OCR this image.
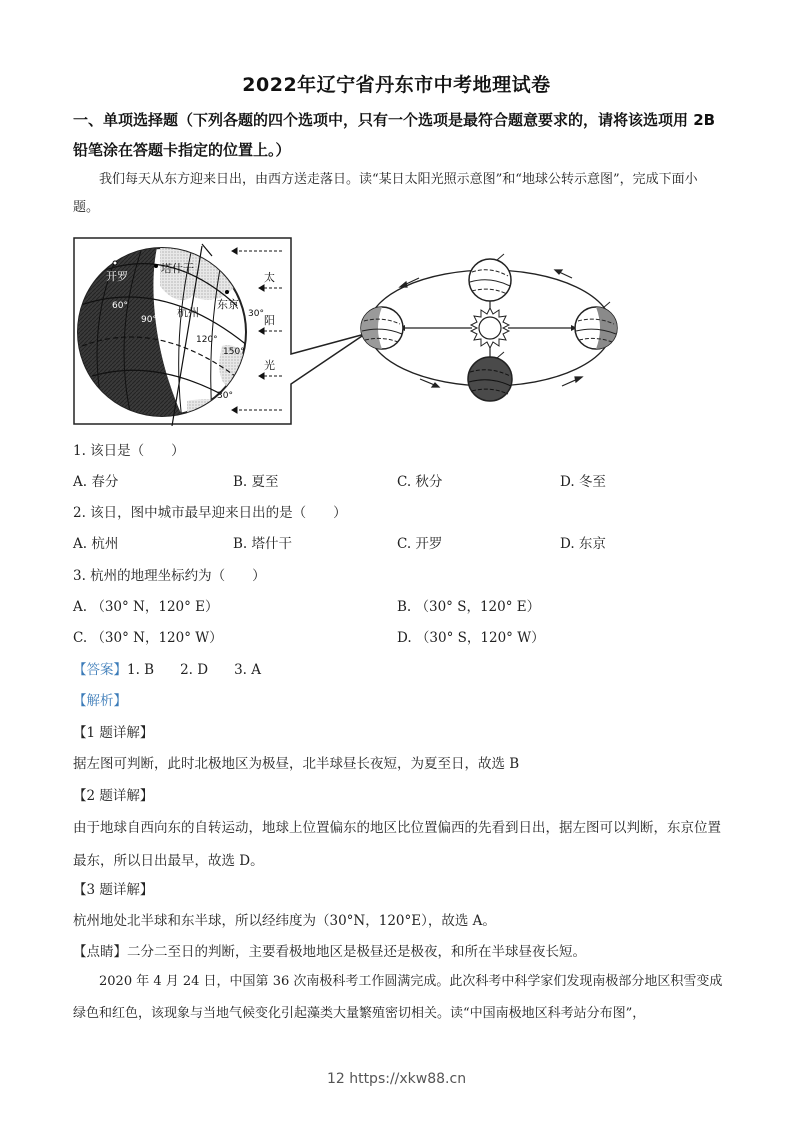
2022年辽宁省丹东市中考地理试卷
一、单项选择题（下列各题的四个选项中，只有一个选项是最符合题意要求的，请将该选项用 2B 铅笔涂在答题卡指定的位置上。）
我们每天从东方迎来日出，由西方送走落日。读“某日太阳光照示意图”和“地球公转示意图”，完成下面小题。
开罗
塔什干
杭州
东京
60°
90°
120°
150°
30°
30°
太
阳
光
1. 该日是（　　）
A. 春分	B. 夏至	C. 秋分	D. 冬至
2. 该日，图中城市最早迎来日出的是（　　）
A. 杭州	B. 塔什干	C. 开罗	D. 东京
3. 杭州的地理坐标约为（　　）
A. （30° N，120° E）	B. （30° S，120° E）
C. （30° N，120° W）	D. （30° S，120° W）
【答案】1. B 2. D 3. A
【解析】
【1 题详解】
据左图可判断，此时北极地区为极昼，北半球昼长夜短，为夏至日，故选 B
【2 题详解】
由于地球自西向东的自转运动，地球上位置偏东的地区比位置偏西的先看到日出，据左图可以判断，东京位置最东，所以日出最早，故选 D。
【3 题详解】
杭州地处北半球和东半球，所以经纬度为（30°N，120°E），故选 A。
【点睛】二分二至日的判断，主要看极地地区是极昼还是极夜，和所在半球昼夜长短。
2020 年 4 月 24 日，中国第 36 次南极科考工作圆满完成。此次科考中科学家们发现南极部分地区积雪变成绿色和红色，该现象与当地气候变化引起藻类大量繁殖密切相关。读“中国南极地区科考站分布图”，
12 https://xkw88.cn
